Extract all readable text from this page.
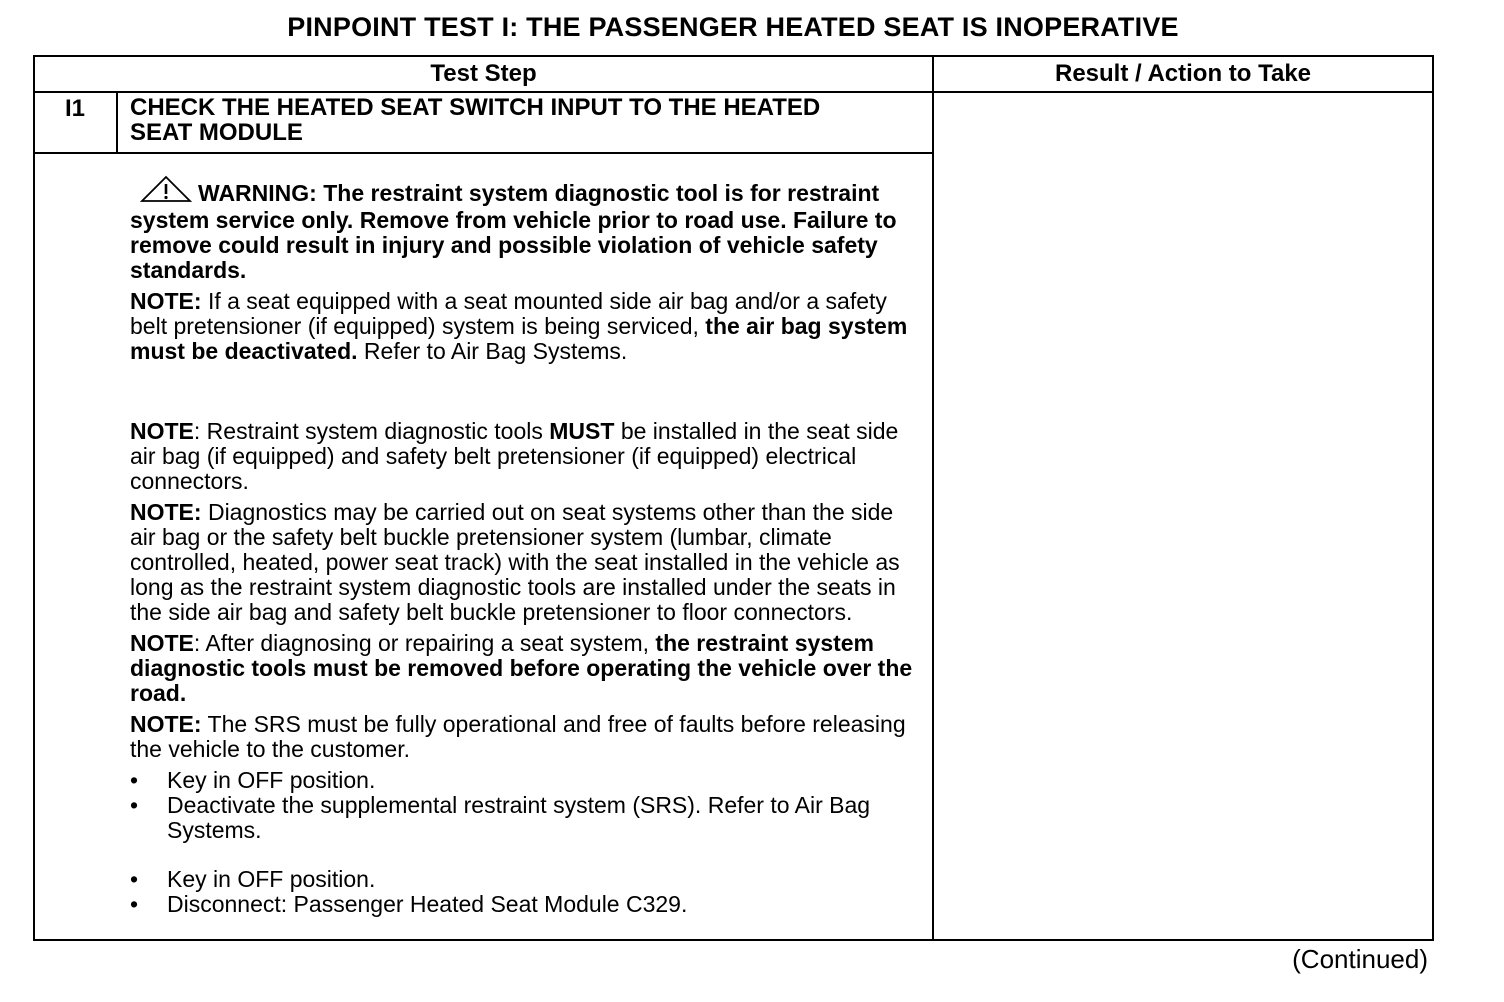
PINPOINT TEST I: THE PASSENGER HEATED SEAT IS INOPERATIVE
Test Step	Result / Action to Take
I1	CHECK THE HEATED SEAT SWITCH INPUT TO THE HEATED
SEAT MODULE

WARNING: The restraint system diagnostic tool is for restraint system service only. Remove from vehicle prior to road use. Failure to remove could result in injury and possible violation of vehicle safety standards.

NOTE: If a seat equipped with a seat mounted side air bag and/or a safety belt pretensioner (if equipped) system is being serviced, the air bag system must be deactivated. Refer to Air Bag Systems.

NOTE: Restraint system diagnostic tools MUST be installed in the seat side air bag (if equipped) and safety belt pretensioner (if equipped) electrical connectors.

NOTE: Diagnostics may be carried out on seat systems other than the side air bag or the safety belt buckle pretensioner system (lumbar, climate controlled, heated, power seat track) with the seat installed in the vehicle as long as the restraint system diagnostic tools are installed under the seats in the side air bag and safety belt buckle pretensioner to floor connectors.

NOTE: After diagnosing or repairing a seat system, the restraint system diagnostic tools must be removed before operating the vehicle over the road.

NOTE: The SRS must be fully operational and free of faults before releasing the vehicle to the customer.

• Key in OFF position.
• Deactivate the supplemental restraint system (SRS). Refer to Air Bag Systems.
• Key in OFF position.
• Disconnect: Passenger Heated Seat Module C329.
(Continued)
